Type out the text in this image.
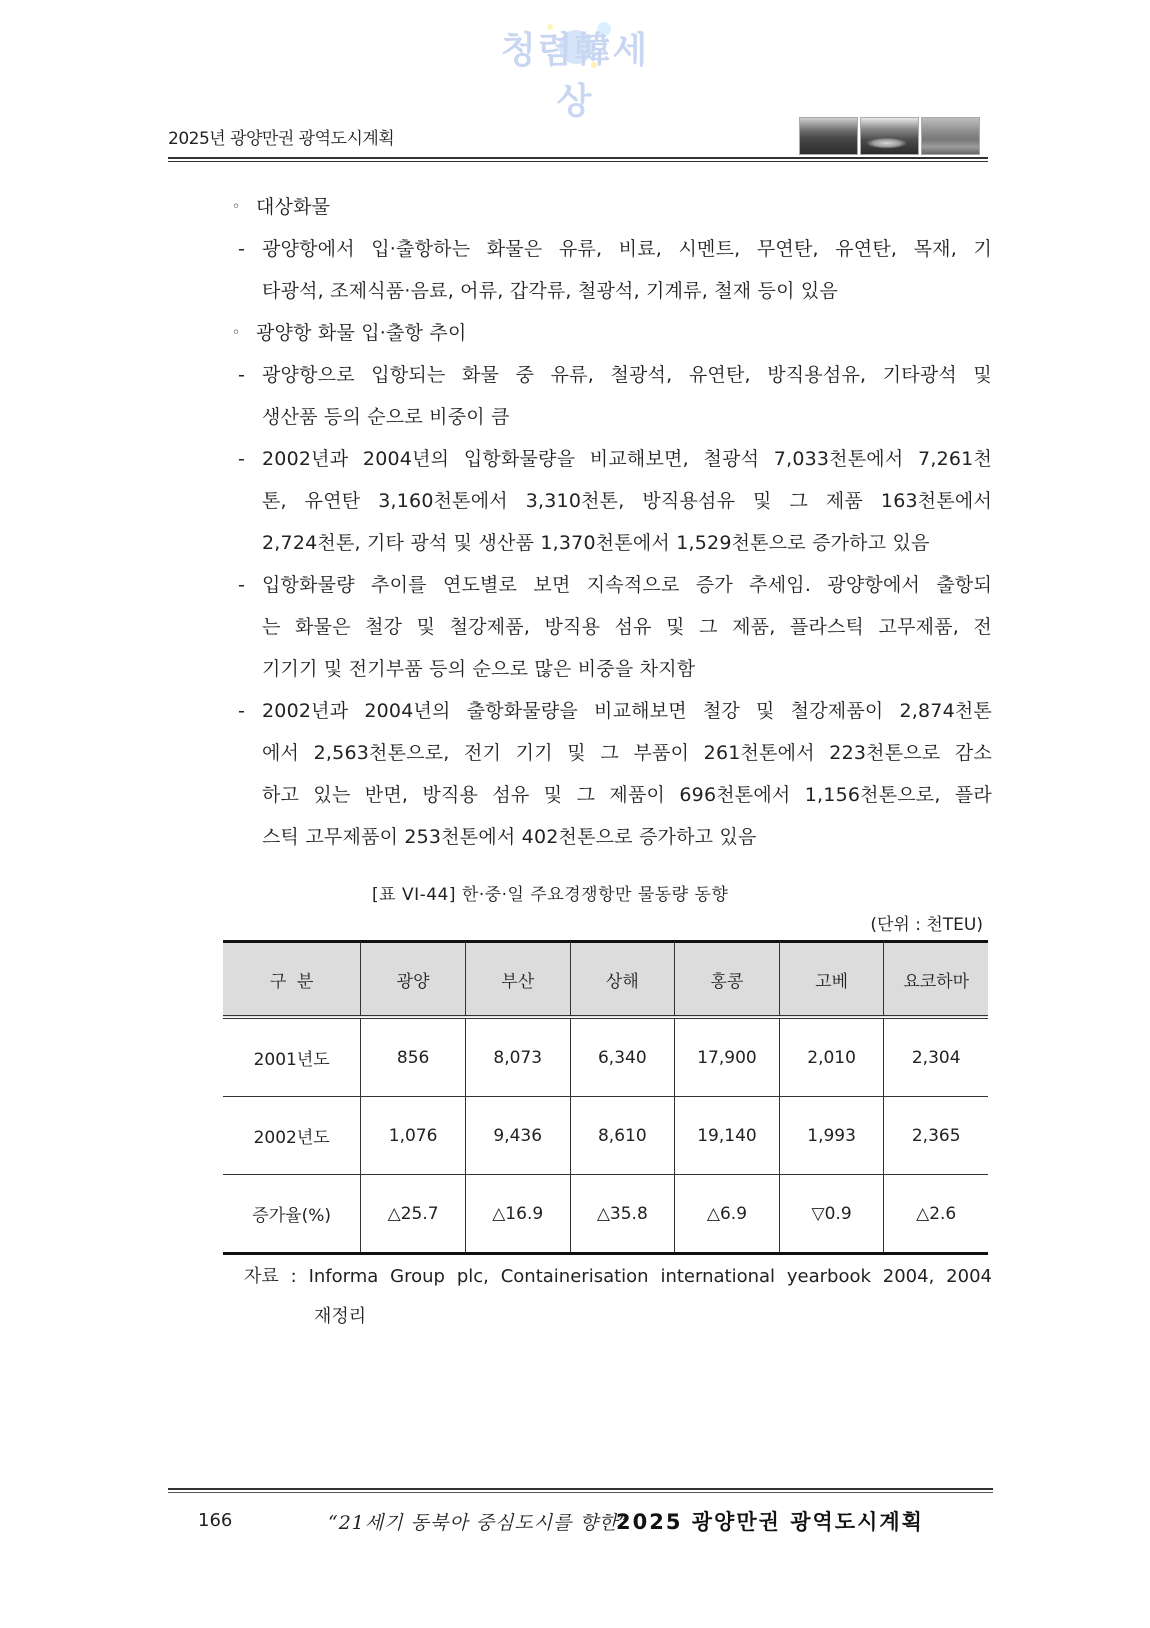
청렴韓세상
2025년 광양만권 광역도시계획
◦ 대상화물
- 광양항에서 입·출항하는 화물은 유류, 비료, 시멘트, 무연탄, 유연탄, 목재, 기
타광석, 조제식품·음료, 어류, 갑각류, 철광석, 기계류, 철재 등이 있음
◦ 광양항 화물 입·출항 추이
- 광양항으로 입항되는 화물 중 유류, 철광석, 유연탄, 방직용섬유, 기타광석 및
생산품 등의 순으로 비중이 큼
- 2002년과 2004년의 입항화물량을 비교해보면, 철광석 7,033천톤에서 7,261천
톤, 유연탄 3,160천톤에서 3,310천톤, 방직용섬유 및 그 제품 163천톤에서
2,724천톤, 기타 광석 및 생산품 1,370천톤에서 1,529천톤으로 증가하고 있음
- 입항화물량 추이를 연도별로 보면 지속적으로 증가 추세임. 광양항에서 출항되
는 화물은 철강 및 철강제품, 방직용 섬유 및 그 제품, 플라스틱 고무제품, 전
기기기 및 전기부품 등의 순으로 많은 비중을 차지함
- 2002년과 2004년의 출항화물량을 비교해보면 철강 및 철강제품이 2,874천톤
에서 2,563천톤으로, 전기 기기 및 그 부품이 261천톤에서 223천톤으로 감소
하고 있는 반면, 방직용 섬유 및 그 제품이 696천톤에서 1,156천톤으로, 플라
스틱 고무제품이 253천톤에서 402천톤으로 증가하고 있음
[표 VI-44] 한·중·일 주요경쟁항만 물동량 동향
(단위 : 천TEU)
구  분	광양	부산	상해	홍콩	고베	요코하마
2001년도	856	8,073	6,340	17,900	2,010	2,304
2002년도	1,076	9,436	8,610	19,140	1,993	2,365
증가율(%)	△25.7	△16.9	△35.8	△6.9	▽0.9	△2.6
자료 : Informa Group plc, Containerisation international yearbook 2004, 2004
재정리
166	“21세기 동북아 중심도시를 향한”
2025 광양만권 광역도시계획
